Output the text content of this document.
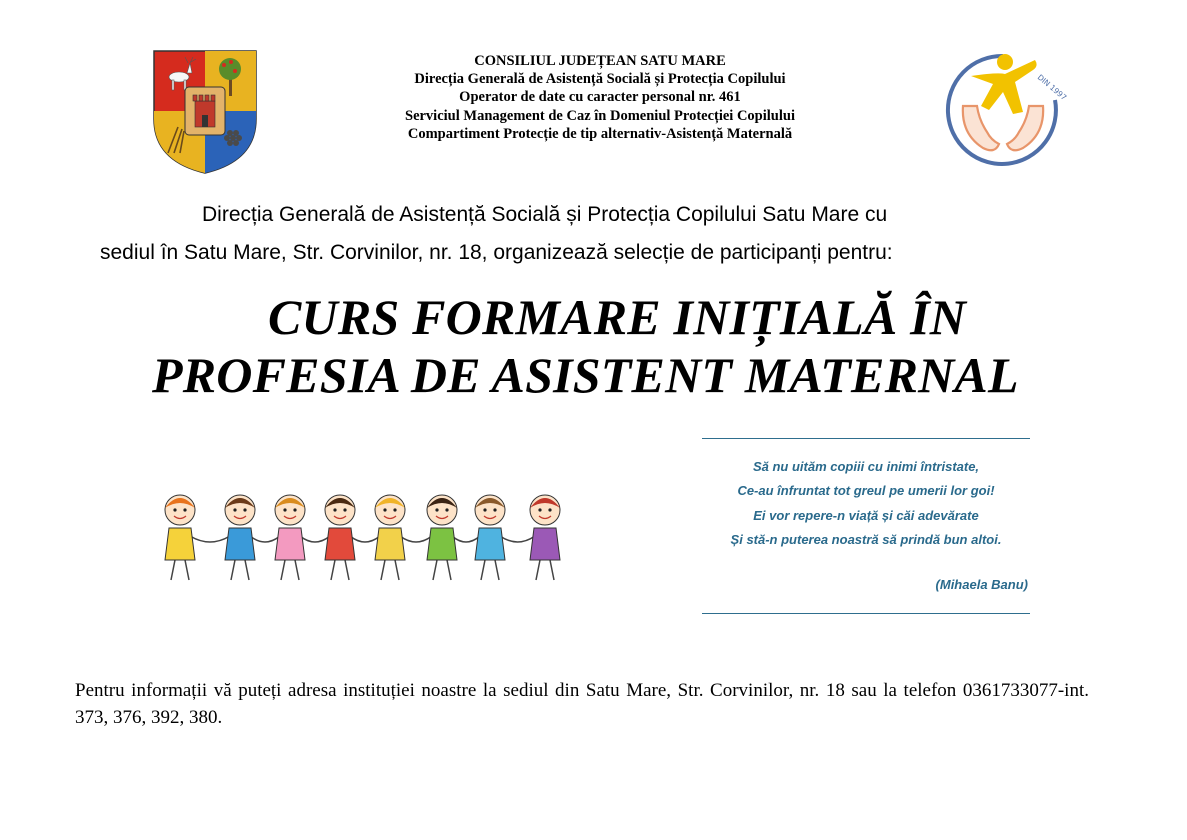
CONSILIUL JUDEȚEAN SATU MARE
Direcția Generală de Asistență Socială și Protecția Copilului
Operator de date cu caracter personal nr. 461
Serviciul Management de Caz în Domeniul Protecției Copilului
Compartiment Protecție de tip alternativ-Asistență Maternală
DIN 1997
Direcția Generală de Asistență Socială și Protecția Copilului Satu Mare cu
sediul în Satu Mare, Str. Corvinilor, nr. 18, organizează selecție de participanți pentru:
CURS FORMARE INIȚIALĂ ÎN
PROFESIA DE ASISTENT MATERNAL
Să nu uităm copiii cu inimi întristate,
Ce-au înfruntat tot greul pe umerii lor goi!
Ei vor repere-n viață și căi adevărate
Și stă-n puterea noastră să prindă bun altoi.
(Mihaela Banu)
Pentru informații vă puteți adresa instituției noastre la sediul din Satu Mare, Str. Corvinilor, nr. 18 sau la telefon 0361733077-int. 373, 376, 392, 380.
